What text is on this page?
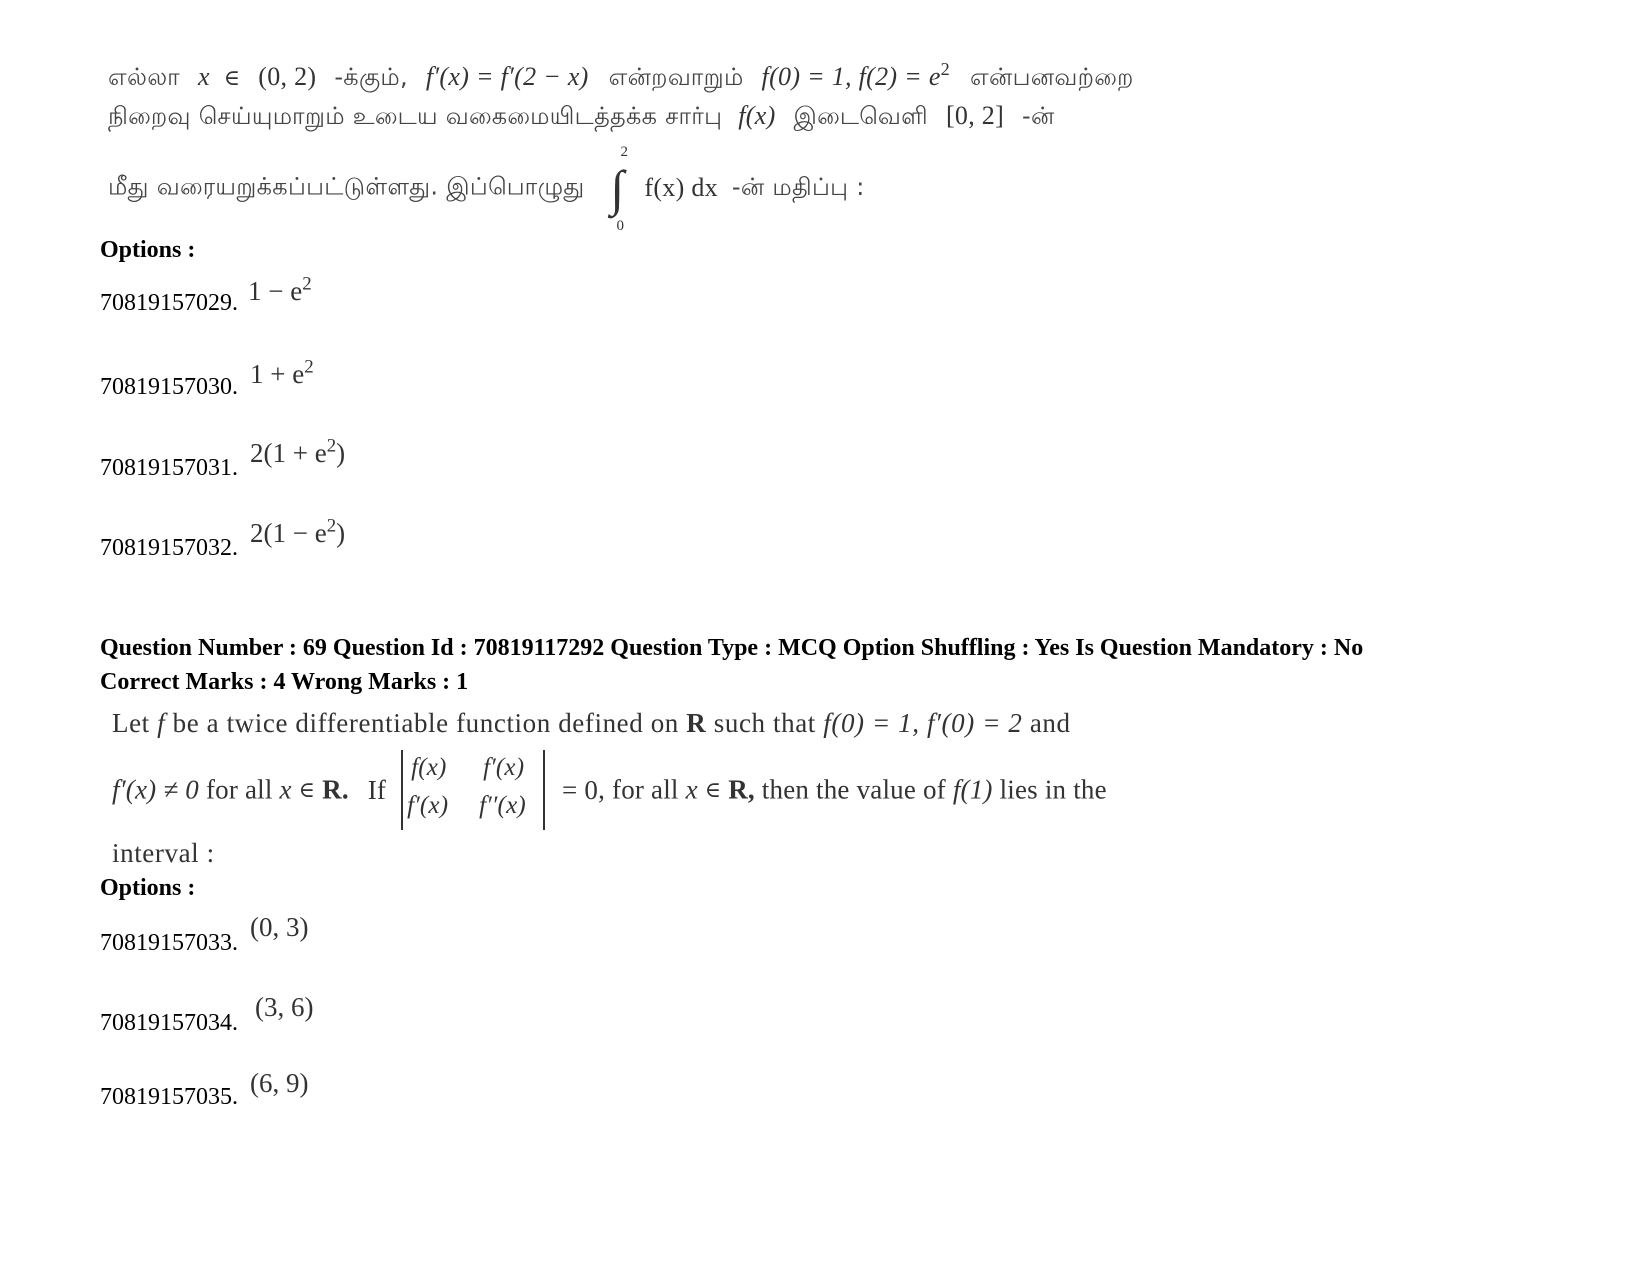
எல்லா x ∈ (0, 2) -க்கும், f′(x) = f′(2 − x) என்றவாறும் f(0) = 1, $f(2) = e^2$ என்பனவற்றை
நிறைவு செய்யுமாறும் உடைய வகைமையிடத்தக்க சார்பு f(x) இடைவெளி [0, 2] -ன்
மீது வரையறுக்கப்பட்டுள்ளது. இப்பொழுது ∫
2
0
f(x) dx -ன் மதிப்பு :
Options :
70819157029. $1 - e^2$
70819157030. $1 + e^2$
70819157031. $2(1 + e^2)$
70819157032. $2(1 - e^2)$
Question Number : 69 Question Id : 70819117292 Question Type : MCQ Option Shuffling : Yes Is Question Mandatory : No
Correct Marks : 4 Wrong Marks : 1
Let f be a twice differentiable function defined on R such that f(0) = 1, f′(0) = 2 and
f′(x) ≠ 0 for all x ∈ R. If
f(x) f′(x)
f′(x) f′′(x)
= 0, for all x ∈ R, then the value of f(1) lies in the
interval :
Options :
70819157033.
(0, 3)
70819157034.
(3, 6)
70819157035. (6, 9)
